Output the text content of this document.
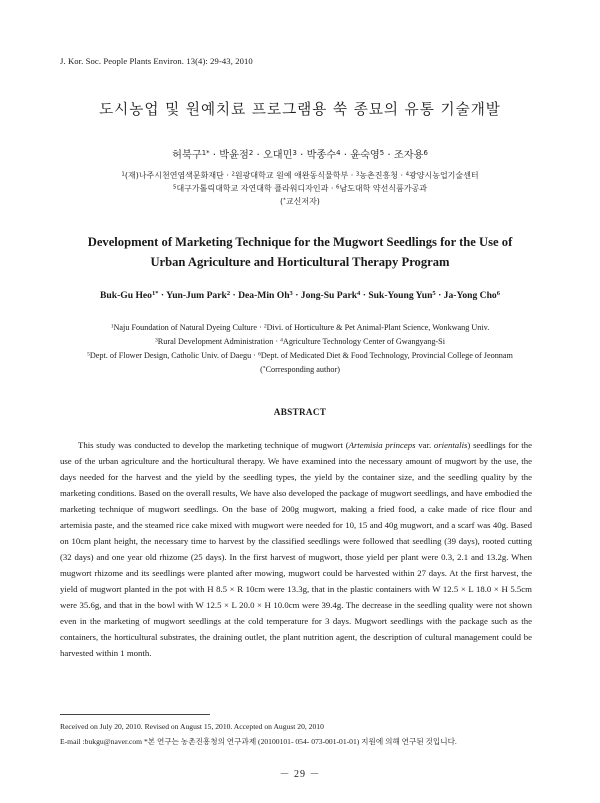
J. Kor. Soc. People Plants Environ. 13(4): 29-43, 2010
도시농업 및 원예치료 프로그램용 쑥 종묘의 유통 기술개발
허북구$^{1*}$ · 박윤점$^2$ · 오대민$^3$ · 박종수$^4$ · 윤숙영$^5$ · 조자용$^6$
$^1$(재)나주시천연염색문화재단 · $^2$원광대학교 원예 애완동식물학부 · $^3$농촌진흥청 · $^4$광양시농업기술센터
$^5$대구가톨릭대학교 자연대학 플라워디자인과 · $^6$남도대학 약선식품가공과
(*교신저자)
Development of Marketing Technique for the Mugwort Seedlings for the Use of
Urban Agriculture and Horticultural Therapy Program
Buk-Gu Heo$^{1*}$ · Yun-Jum Park$^2$ · Dea-Min $Oh^3$ · Jong-Su Park$^4$ · Suk-Young Yun$^5$ · Ja-Yong Cho$^6$
$^1$Naju Foundation of Natural Dyeing Culture · $^2$Divi. of Horticulture & Pet Animal-Plant Science, Wonkwang Univ.
$^3$Rural Development Administration · $^4$Agriculture Technology Center of Gwangyang-Si
$^5$Dept. of Flower Design, Catholic Univ. of Daegu · $^6$Dept. of Medicated Diet & Food Technology, Provincial College of Jeonnam
(*Corresponding author)
ABSTRACT

This study was conducted to develop the marketing technique of mugwort (Artemisia princeps var. orientalis) seedlings for the use of the urban agriculture and the horticultural therapy. We have examined into the necessary amount of mugwort by the use, the days needed for the harvest and the yield by the seedling types, the yield by the container size, and the seedling quality by the marketing conditions. Based on the overall results, We have also developed the package of mugwort seedlings, and have embodied the marketing technique of mugwort seedlings. On the base of 200g mugwort, making a fried food, a cake made of rice flour and artemisia paste, and the steamed rice cake mixed with mugwort were needed for 10, 15 and 40g mugwort, and a scarf was 40g. Based on 10cm plant height, the necessary time to harvest by the classified seedlings were followed that seedling (39 days), rooted cutting (32 days) and one year old rhizome (25 days). In the first harvest of mugwort, those yield per plant were 0.3, 2.1 and 13.2g. When mugwort rhizome and its seedlings were planted after mowing, mugwort could be harvested within 27 days. At the first harvest, the yield of mugwort planted in the pot with H 8.5 × R 10cm were 13.3g, that in the plastic containers with W 12.5 × L 18.0 × H 5.5cm were 35.6g, and that in the bowl with W 12.5 × L 20.0 × H 10.0cm were 39.4g. The decrease in the seedling quality were not shown even in the marketing of mugwort seedlings at the cold temperature for 3 days. Mugwort seedlings with the package such as the containers, the horticultural substrates, the draining outlet, the plant nutrition agent, the description of cultural management could be harvested within 1 month.

Received on July 20, 2010. Revised on August 15, 2010. Accepted on August 20, 2010
E-mail :bukgu@naver.com *본 연구는 농촌진흥청의 연구과제 (20100101- 054- 073-001-01-01) 지원에 의해 연구된 것입니다.
－ 29 －
